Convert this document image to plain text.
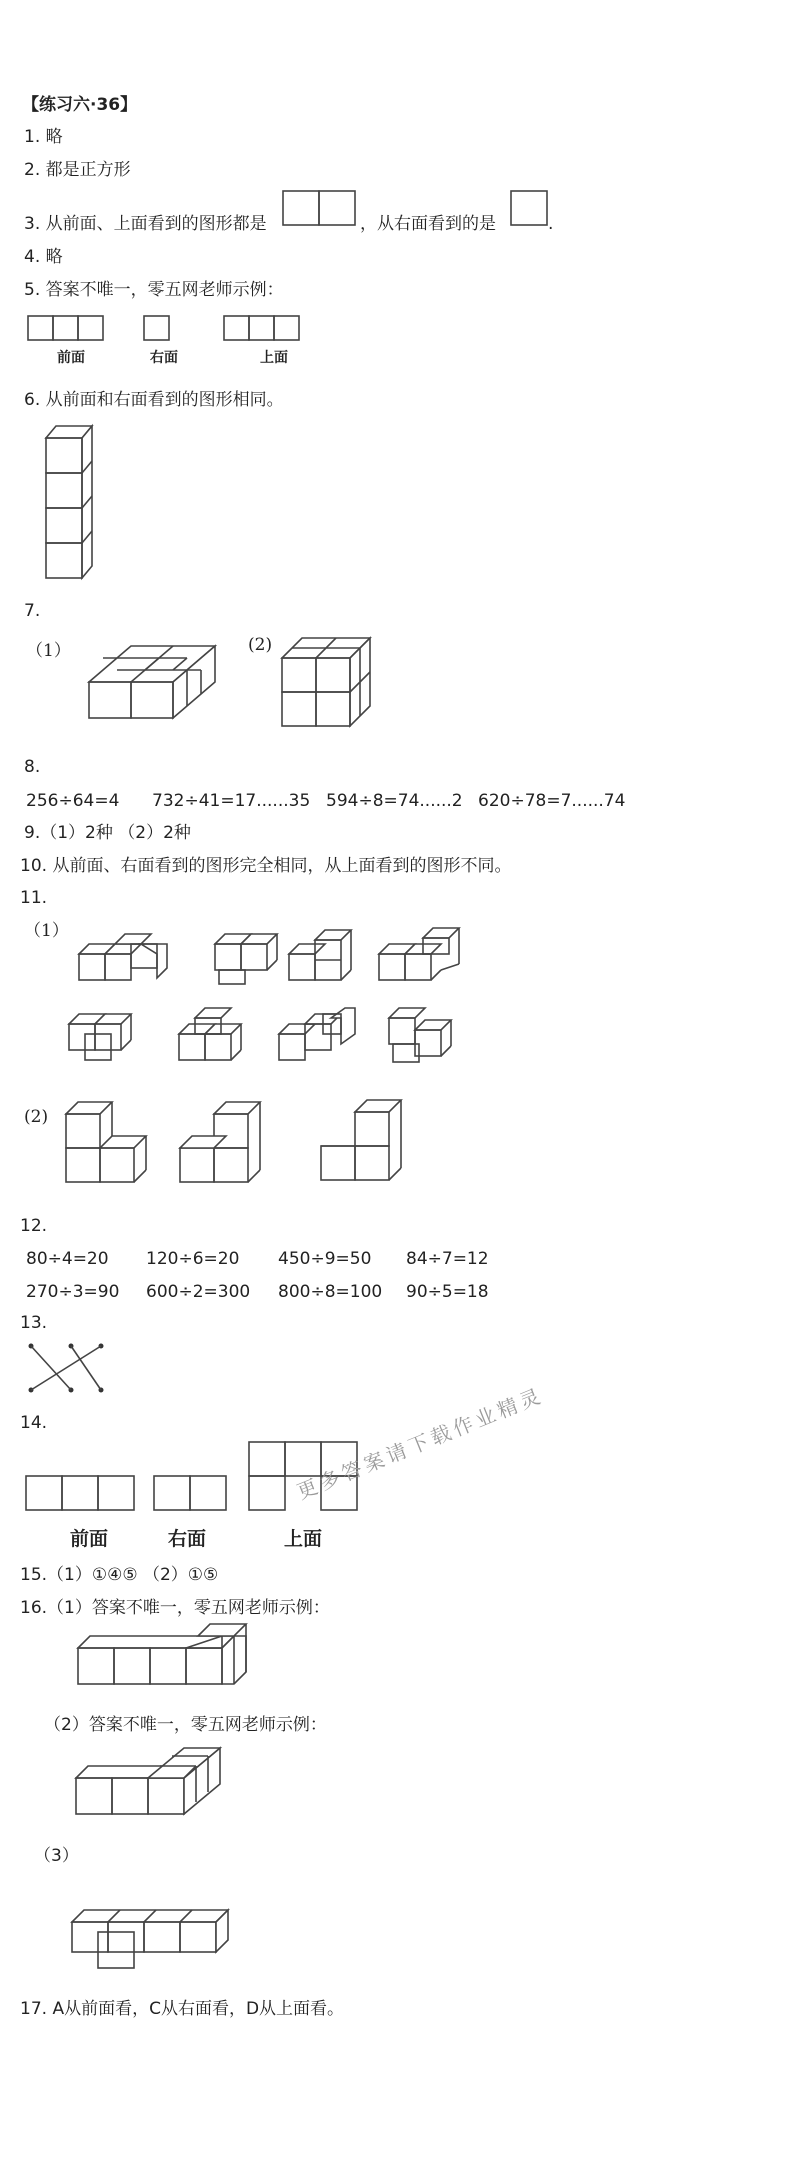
【练习六·36】
1. 略
2. 都是正方形
3. 从前面、上面看到的图形都是	，从右面看到的是	.
4. 略
5. 答案不唯一，零五网老师示例：
前面	右面	上面
6. 从前面和右面看到的图形相同。
7.
（1）	(2)
8.
256÷64=4 732÷41=17......35 594÷8=74......2 620÷78=7......74
9.（1）2种 （2）2种
10. 从前面、右面看到的图形完全相同，从上面看到的图形不同。
11.
（1）
(2)
12.
80÷4=20 120÷6=20 450÷9=50 84÷7=12
270÷3=90 600÷2=300 800÷8=100 90÷5=18
13.
14.
前面	右面	上面
更多答案请下载作业精灵
15.（1）①④⑤ （2）①⑤
16.（1）答案不唯一，零五网老师示例：
（2）答案不唯一，零五网老师示例：
（3）
17. A从前面看，C从右面看，D从上面看。
